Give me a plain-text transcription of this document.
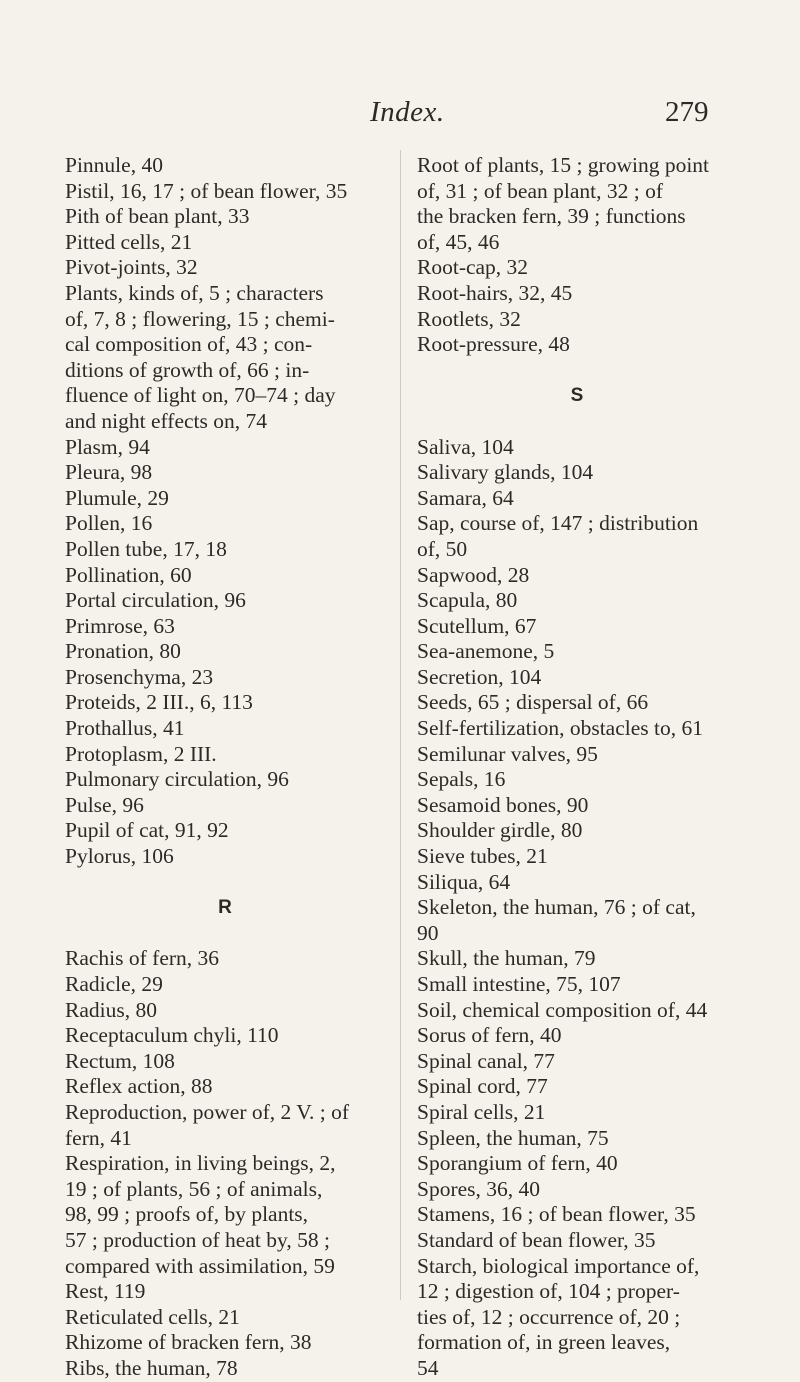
Index.	279
Pinnule, 40
Pistil, 16, 17 ; of bean flower, 35
Pith of bean plant, 33
Pitted cells, 21
Pivot-joints, 32
Plants, kinds of, 5 ; characters
of, 7, 8 ; flowering, 15 ; chemi-
cal composition of, 43 ; con-
ditions of growth of, 66 ; in-
fluence of light on, 70–74 ; day
and night effects on, 74
Plasm, 94
Pleura, 98
Plumule, 29
Pollen, 16
Pollen tube, 17, 18
Pollination, 60
Portal circulation, 96
Primrose, 63
Pronation, 80
Prosenchyma, 23
Proteids, 2 III., 6, 113
Prothallus, 41
Protoplasm, 2 III.
Pulmonary circulation, 96
Pulse, 96
Pupil of cat, 91, 92
Pylorus, 106
R
Rachis of fern, 36
Radicle, 29
Radius, 80
Receptaculum chyli, 110
Rectum, 108
Reflex action, 88
Reproduction, power of, 2 V. ; of
fern, 41
Respiration, in living beings, 2,
19 ; of plants, 56 ; of animals,
98, 99 ; proofs of, by plants,
57 ; production of heat by, 58 ;
compared with assimilation, 59
Rest, 119
Reticulated cells, 21
Rhizome of bracken fern, 38
Ribs, the human, 78
Root of plants, 15 ; growing point
of, 31 ; of bean plant, 32 ; of
the bracken fern, 39 ; functions
of, 45, 46
Root-cap, 32
Root-hairs, 32, 45
Rootlets, 32
Root-pressure, 48
S
Saliva, 104
Salivary glands, 104
Samara, 64
Sap, course of, 147 ; distribution
of, 50
Sapwood, 28
Scapula, 80
Scutellum, 67
Sea-anemone, 5
Secretion, 104
Seeds, 65 ; dispersal of, 66
Self-fertilization, obstacles to, 61
Semilunar valves, 95
Sepals, 16
Sesamoid bones, 90
Shoulder girdle, 80
Sieve tubes, 21
Siliqua, 64
Skeleton, the human, 76 ; of cat,
90
Skull, the human, 79
Small intestine, 75, 107
Soil, chemical composition of, 44
Sorus of fern, 40
Spinal canal, 77
Spinal cord, 77
Spiral cells, 21
Spleen, the human, 75
Sporangium of fern, 40
Spores, 36, 40
Stamens, 16 ; of bean flower, 35
Standard of bean flower, 35
Starch, biological importance of,
12 ; digestion of, 104 ; proper-
ties of, 12 ; occurrence of, 20 ;
formation of, in green leaves,
54
